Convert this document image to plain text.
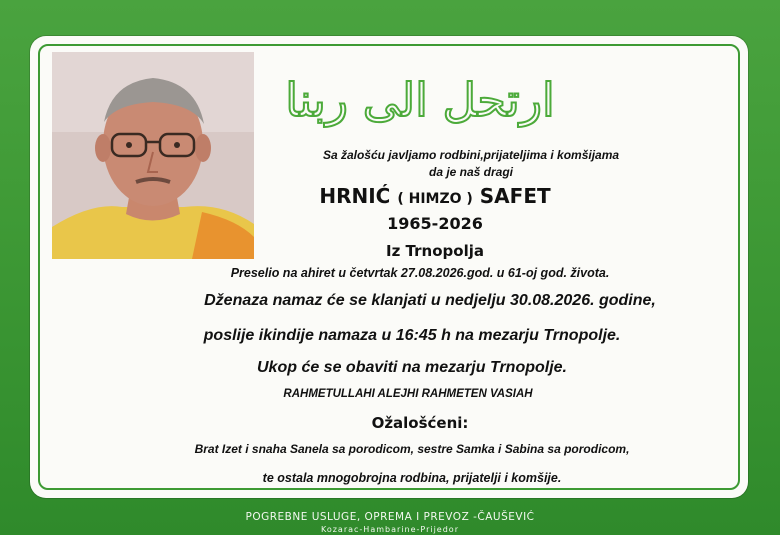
ارتحل الى ربنا
Sa žalošću javljamo rodbini,prijateljima i komšijama
da je naš dragi
HRNIĆ ( HIMZO ) SAFET
1965-2026
Iz Trnopolja
Preselio na ahiret u četvrtak 27.08.2026.god. u 61-oj god. života.
Dženaza namaz će se klanjati u nedjelju 30.08.2026. godine,
poslije ikindije namaza u 16:45 h na mezarju Trnopolje.
Ukop će se obaviti na mezarju Trnopolje.
RAHMETULLAHI ALEJHI RAHMETEN VASIAH
Ožalošćeni:
Brat Izet i snaha Sanela sa porodicom, sestre Samka i Sabina sa porodicom,
te ostala mnogobrojna rodbina, prijatelji i komšije.
POGREBNE USLUGE, OPREMA I PREVOZ -ČAUŠEVIĆ
Kozarac-Hambarine-Prijedor
